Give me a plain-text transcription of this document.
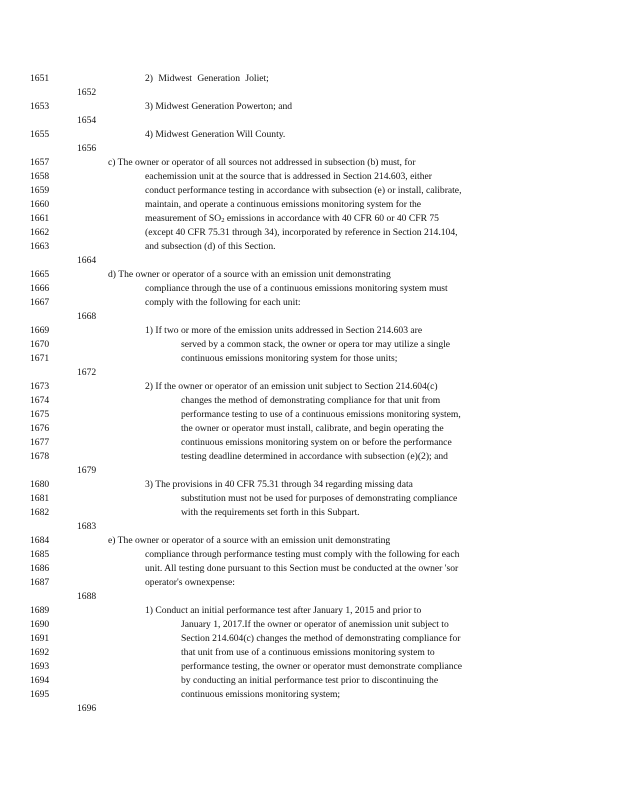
1651	2) Midwest Generation Joliet;
1652
1653	3) Midwest Generation Powerton; and
1654
1655	4) Midwest Generation Will County.
1656
1657	c) The owner or operator of all sources not addressed in subsection (b) must, for
1658	eachemission unit at the source that is addressed in Section 214.603, either
1659	conduct performance testing in accordance with subsection (e) or install, calibrate,
1660	maintain, and operate a continuous emissions monitoring system for the
1661	measurement of $SO_2$ emissions in accordance with 40 CFR 60 or 40 CFR 75
1662	(except 40 CFR 75.31 through 34), incorporated by reference in Section 214.104,
1663	and subsection (d) of this Section.
1664
1665	d) The owner or operator of a source with an emission unit demonstrating
1666	compliance through the use of a continuous emissions monitoring system must
1667	comply with the following for each unit:
1668
1669	1) If two or more of the emission units addressed in Section 214.603 are
1670	served by a common stack, the owner or opera tor may utilize a single
1671	continuous emissions monitoring system for those units;
1672
1673	2) If the owner or operator of an emission unit subject to Section 214.604(c)
1674	changes the method of demonstrating compliance for that unit from
1675	performance testing to use of a continuous emissions monitoring system,
1676	the owner or operator must install, calibrate, and begin operating the
1677	continuous emissions monitoring system on or before the performance
1678	testing deadline determined in accordance with subsection (e)(2); and
1679
1680	3) The provisions in 40 CFR 75.31 through 34 regarding missing data
1681	substitution must not be used for purposes of demonstrating compliance
1682	with the requirements set forth in this Subpart.
1683
1684	e) The owner or operator of a source with an emission unit demonstrating
1685	compliance through performance testing must comply with the following for each
1686	unit. All testing done pursuant to this Section must be conducted at the owner 'sor
1687	operator's ownexpense:
1688
1689	1) Conduct an initial performance test after January 1, 2015 and prior to
1690	January 1, 2017.If the owner or operator of anemission unit subject to
1691	Section 214.604(c) changes the method of demonstrating compliance for
1692	that unit from use of a continuous emissions monitoring system to
1693	performance testing, the owner or operator must demonstrate compliance
1694	by conducting an initial performance test prior to discontinuing the
1695	continuous emissions monitoring system;
1696
